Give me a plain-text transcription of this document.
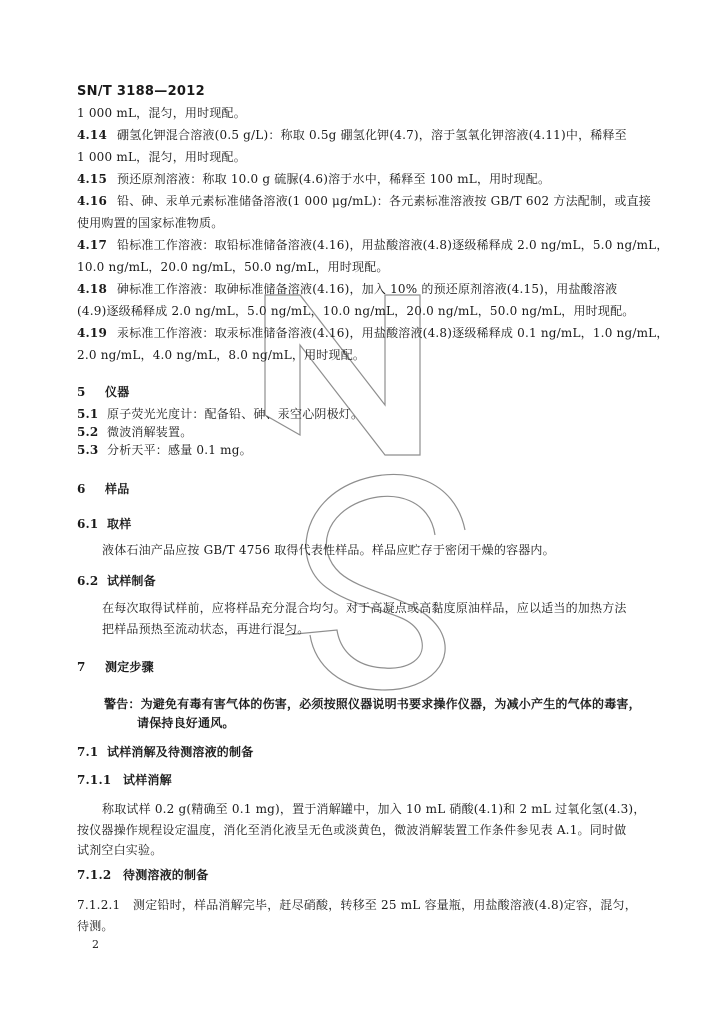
SN/T 3188—2012
1 000 mL，混匀，用时现配。
4.14 硼氢化钾混合溶液(0.5 g/L)：称取 0.5g 硼氢化钾(4.7)，溶于氢氧化钾溶液(4.11)中，稀释至
1 000 mL，混匀，用时现配。
4.15 预还原剂溶液：称取 10.0 g 硫脲(4.6)溶于水中，稀释至 100 mL，用时现配。
4.16 铅、砷、汞单元素标准储备溶液(1 000 μg/mL)：各元素标准溶液按 GB/T 602 方法配制，或直接
使用购置的国家标准物质。
4.17 铅标准工作溶液：取铅标准储备溶液(4.16)，用盐酸溶液(4.8)逐级稀释成 2.0 ng/mL，5.0 ng/mL，
10.0 ng/mL，20.0 ng/mL，50.0 ng/mL，用时现配。
4.18 砷标准工作溶液：取砷标准储备溶液(4.16)，加入 10% 的预还原剂溶液(4.15)，用盐酸溶液
(4.9)逐级稀释成 2.0 ng/mL，5.0 ng/mL，10.0 ng/mL，20.0 ng/mL，50.0 ng/mL，用时现配。
4.19 汞标准工作溶液：取汞标准储备溶液(4.16)，用盐酸溶液(4.8)逐级稀释成 0.1 ng/mL，1.0 ng/mL，
2.0 ng/mL，4.0 ng/mL，8.0 ng/mL，用时现配。
5 仪器
5.1 原子荧光光度计：配备铅、砷、汞空心阴极灯。
5.2 微波消解装置。
5.3 分析天平：感量 0.1 mg。
6 样品
6.1 取样
液体石油产品应按 GB/T 4756 取得代表性样品。样品应贮存于密闭干燥的容器内。
6.2 试样制备
在每次取得试样前，应将样品充分混合均匀。对于高凝点或高黏度原油样品，应以适当的加热方法
把样品预热至流动状态，再进行混匀。
7 测定步骤
警告：为避免有毒有害气体的伤害，必须按照仪器说明书要求操作仪器，为减小产生的气体的毒害，
请保持良好通风。
7.1 试样消解及待测溶液的制备
7.1.1 试样消解
称取试样 0.2 g(精确至 0.1 mg)，置于消解罐中，加入 10 mL 硝酸(4.1)和 2 mL 过氧化氢(4.3)，
按仪器操作规程设定温度，消化至消化液呈无色或淡黄色，微波消解装置工作条件参见表 A.1。同时做
试剂空白实验。
7.1.2 待测溶液的制备
7.1.2.1 测定铅时，样品消解完毕，赶尽硝酸，转移至 25 mL 容量瓶，用盐酸溶液(4.8)定容，混匀，
待测。
2
